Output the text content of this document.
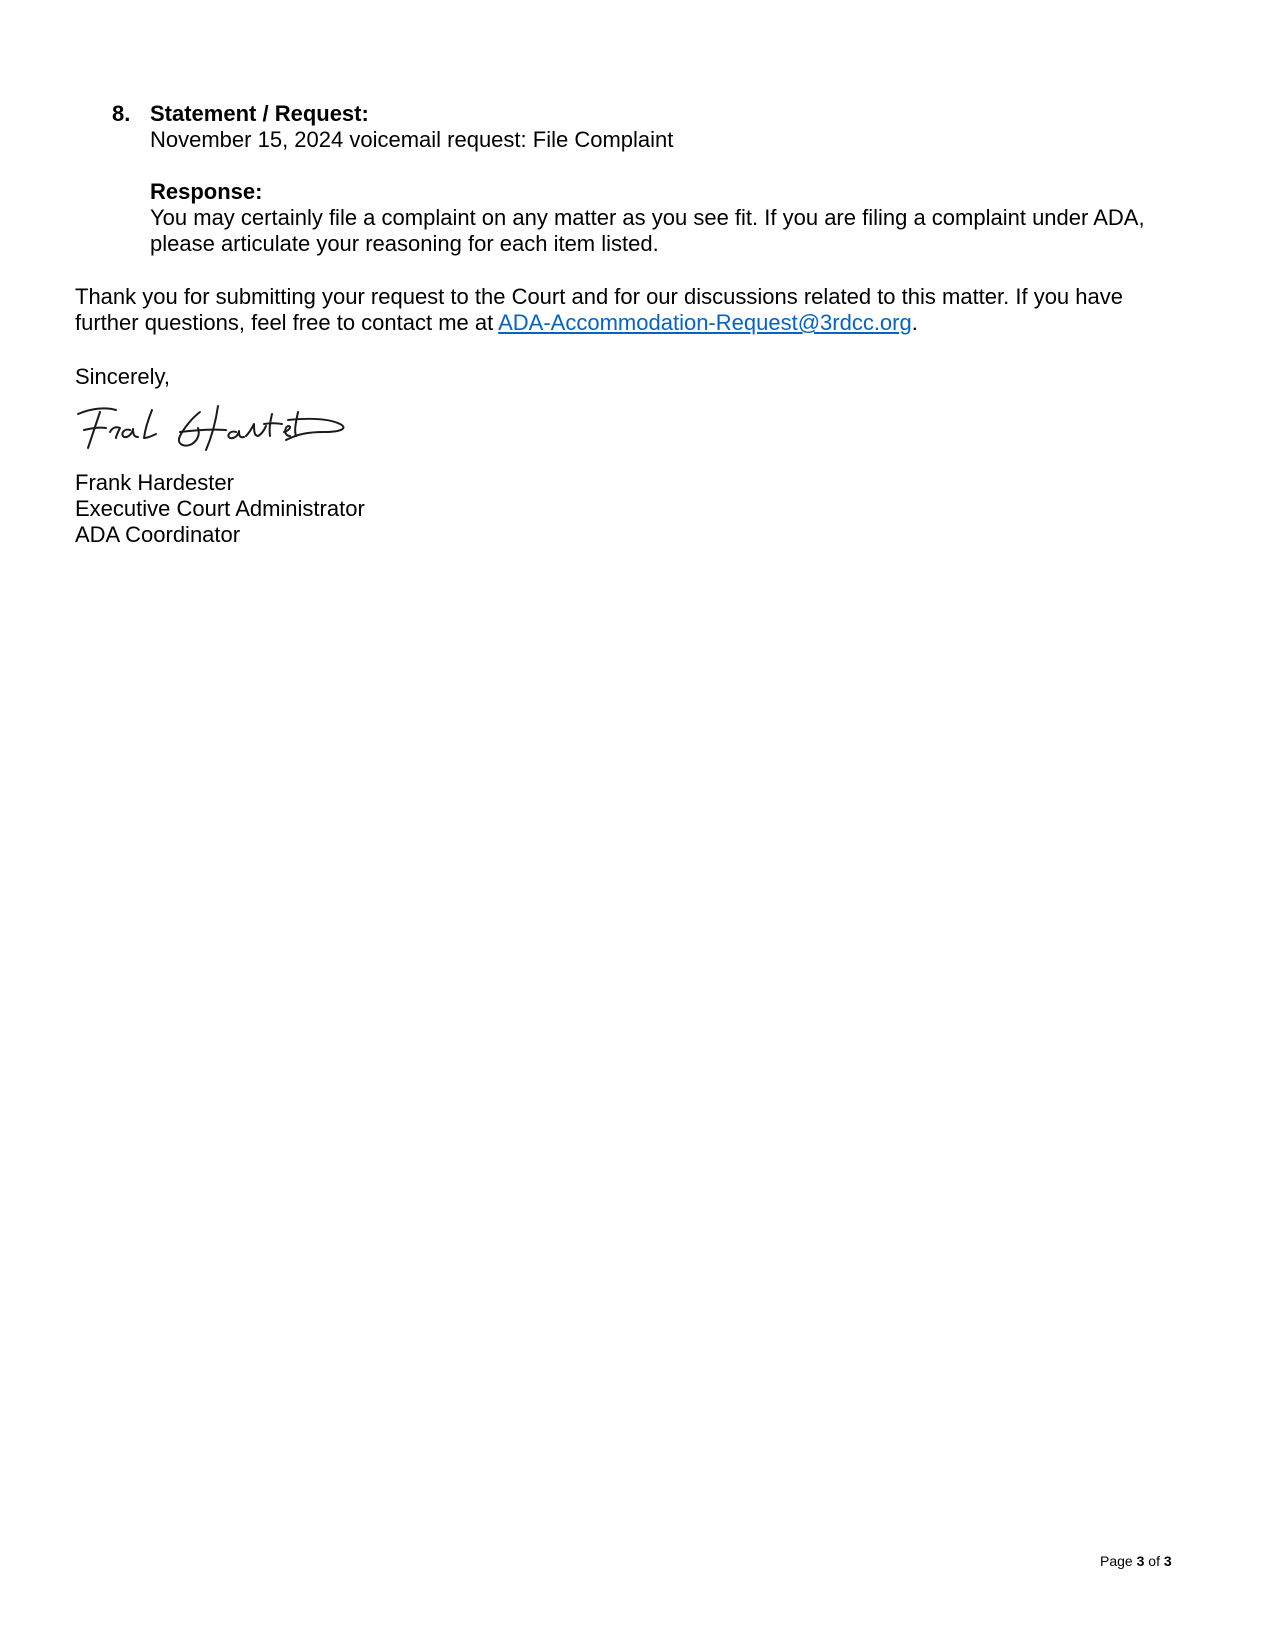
8. Statement / Request:
November 15, 2024 voicemail request: File Complaint
Response:
You may certainly file a complaint on any matter as you see fit. If you are filing a complaint under ADA,
please articulate your reasoning for each item listed.
Thank you for submitting your request to the Court and for our discussions related to this matter. If you have
further questions, feel free to contact me at ADA-Accommodation-Request@3rdcc.org.
Sincerely,
Frank Hardester
Executive Court Administrator
ADA Coordinator
Page 3 of 3
